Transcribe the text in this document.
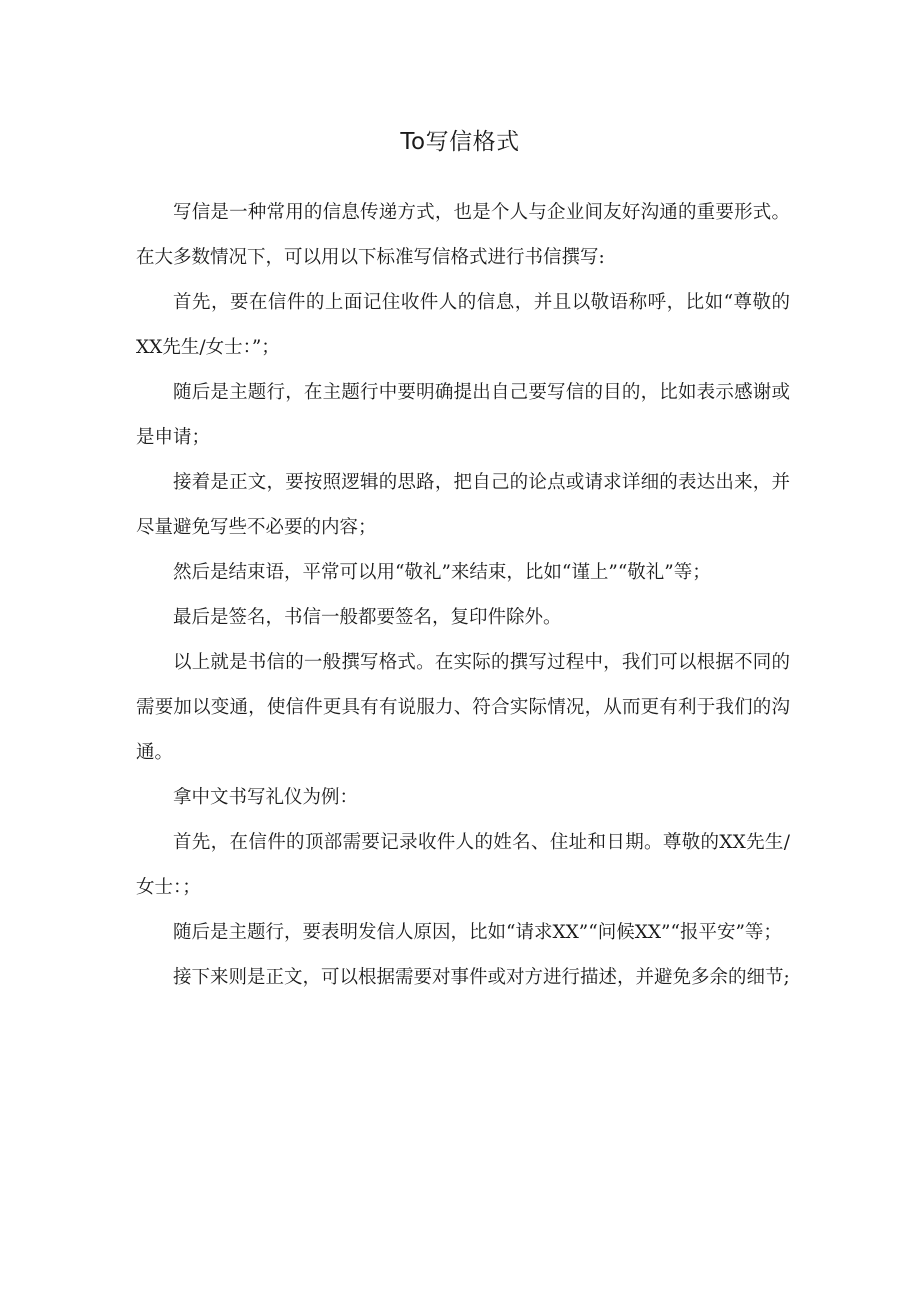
To写信格式

写信是一种常用的信息传递方式，也是个人与企业间友好沟通的重要形式。在大多数情况下，可以用以下标准写信格式进行书信撰写:

首先，要在信件的上面记住收件人的信息，并且以敬语称呼，比如“尊敬的XX先生/女士：”；

随后是主题行，在主题行中要明确提出自己要写信的目的，比如表示感谢或是申请；

接着是正文，要按照逻辑的思路，把自己的论点或请求详细的表达出来，并尽量避免写些不必要的内容；

然后是结束语，平常可以用“敬礼”来结束，比如“谨上”“敬礼”等；

最后是签名，书信一般都要签名，复印件除外。

以上就是书信的一般撰写格式。在实际的撰写过程中，我们可以根据不同的需要加以变通，使信件更具有有说服力、符合实际情况，从而更有利于我们的沟通。

拿中文书写礼仪为例：

首先，在信件的顶部需要记录收件人的姓名、住址和日期。尊敬的XX先生/女士：；

随后是主题行，要表明发信人原因，比如“请求XX”“问候XX”“报平安”等；

接下来则是正文，可以根据需要对事件或对方进行描述，并避免多余的细节;
